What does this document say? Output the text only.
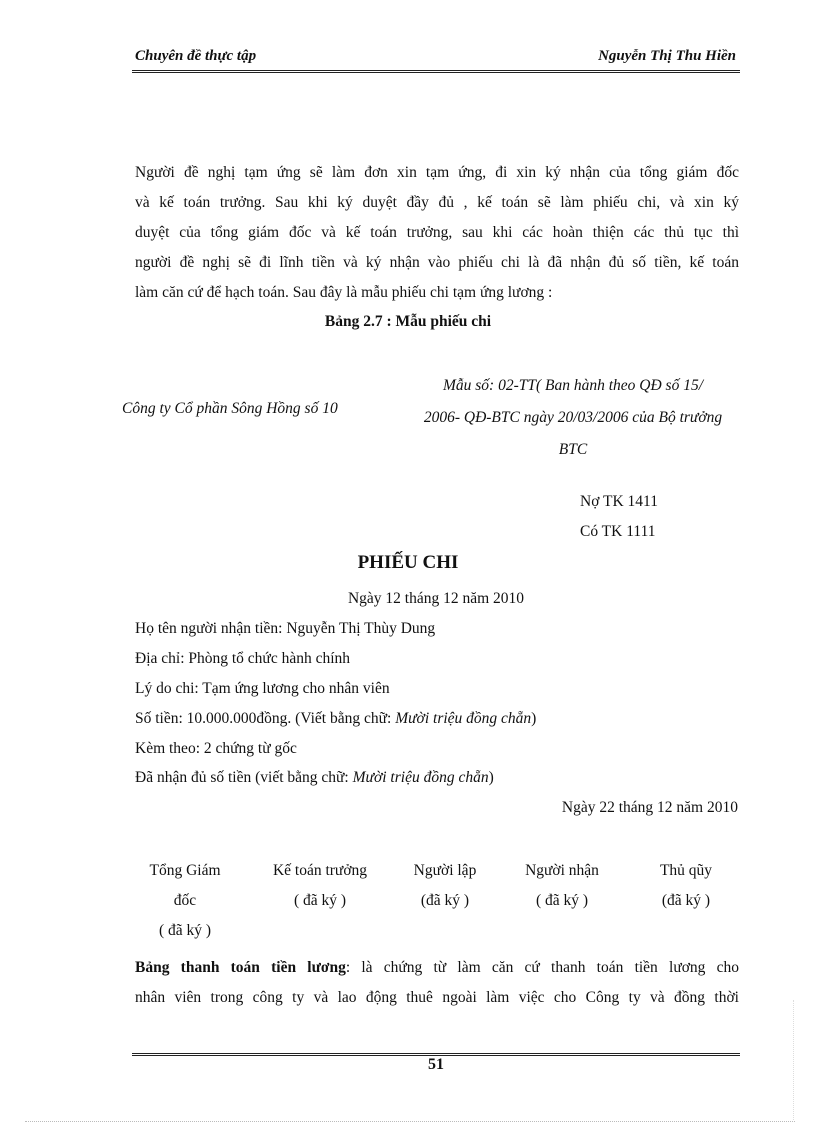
Chuyên đề thực tập	Nguyễn Thị Thu Hiền
Người đề nghị tạm ứng sẽ làm đơn xin tạm ứng, đi xin ký nhận của tổng giám đốc
và kế toán trưởng. Sau khi ký duyệt đầy đủ , kế toán sẽ làm phiếu chi, và xin ký
duyệt của tổng giám đốc và kế toán trưởng, sau khi các hoàn thiện các thủ tục thì
người đề nghị sẽ đi lĩnh tiền và ký nhận vào phiếu chi là đã nhận đủ số tiền, kế toán
làm căn cứ để hạch toán. Sau đây là mẫu phiếu chi tạm ứng lương :
Bảng 2.7 : Mẫu phiếu chi
Mẫu số: 02-TT( Ban hành theo QĐ số 15/
2006- QĐ-BTC ngày 20/03/2006 của Bộ trưởng
BTC
Công ty Cổ phần Sông Hồng số 10
Nợ TK 1411
Có TK 1111
PHIẾU CHI
Ngày 12 tháng 12 năm 2010
Họ tên người nhận tiền: Nguyễn Thị Thùy Dung
Địa chỉ: Phòng tổ chức hành chính
Lý do chi: Tạm ứng lương cho nhân viên
Số tiền: 10.000.000đồng. (Viết bằng chữ: Mười triệu đồng chẵn)
Kèm theo: 2 chứng từ gốc
Đã nhận đủ số tiền (viết bằng chữ: Mười triệu đồng chẵn)
Ngày 22 tháng 12 năm 2010
Tổng Giám
đốc
( đã ký )
Kế toán trưởng
( đã ký )
Người lập
(đã ký )
Người nhận
( đã ký )
Thủ qũy
(đã ký )
Bảng thanh toán tiền lương: là chứng từ làm căn cứ thanh toán tiền lương cho
nhân viên trong công ty và lao động thuê ngoài làm việc cho Công ty và đồng thời
51
